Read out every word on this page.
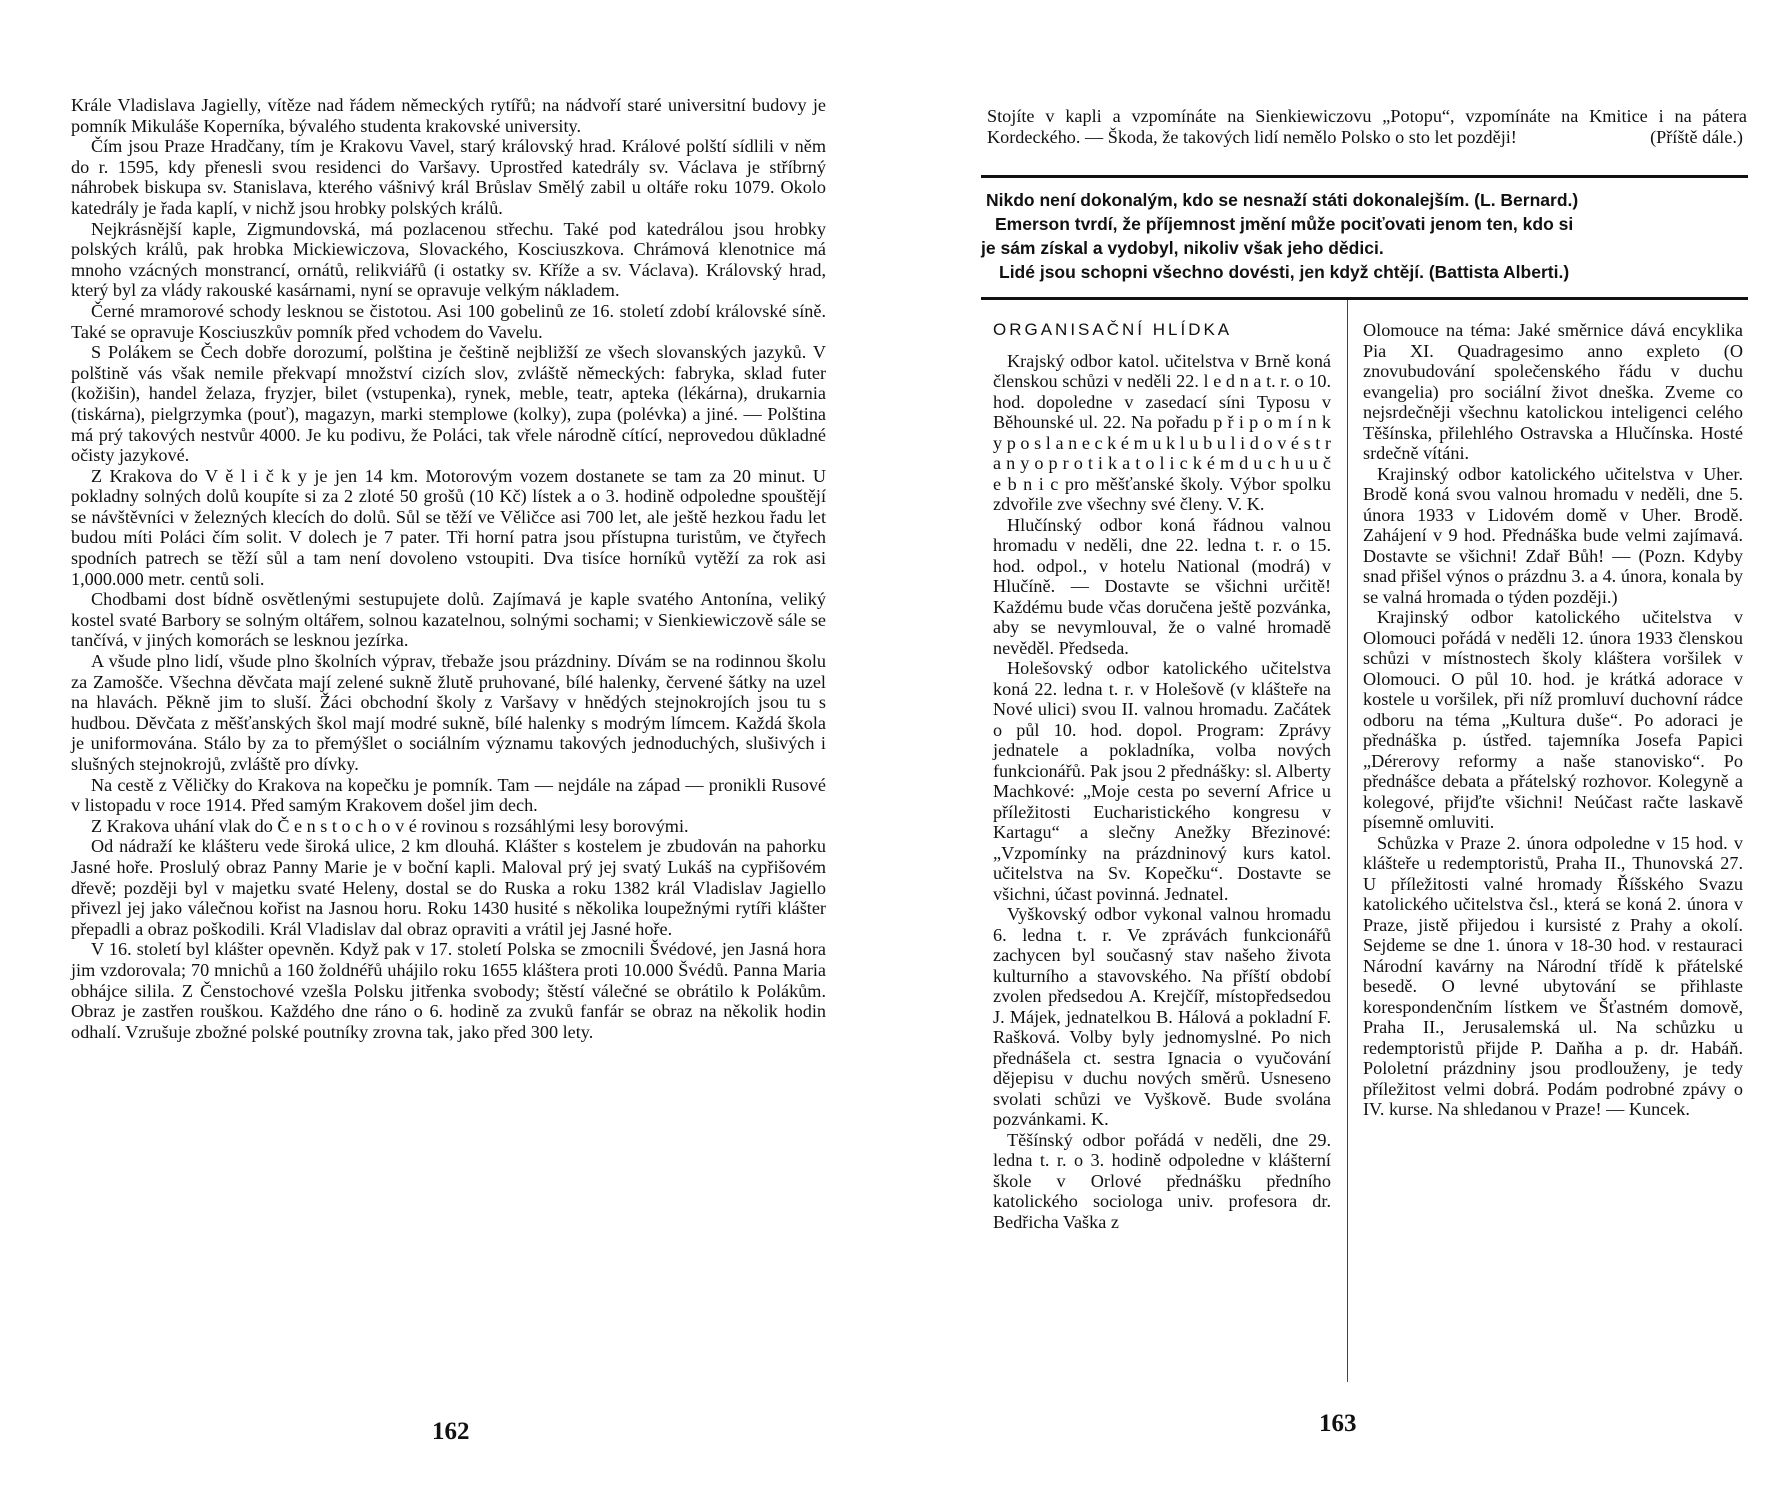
Krále Vladislava Jagielly, vítěze nad řádem německých rytířů; na nádvoří staré universitní budovy je pomník Mikuláše Koperníka, bývalého studenta krakovské university.

Čím jsou Praze Hradčany, tím je Krakovu Vavel, starý královský hrad. Králové polští sídlili v něm do r. 1595, kdy přenesli svou residenci do Varšavy. Uprostřed katedrály sv. Václava je stříbrný náhrobek biskupa sv. Stanislava, kterého vášnivý král Brůslav Smělý zabil u oltáře roku 1079. Okolo katedrály je řada kaplí, v nichž jsou hrobky polských králů.

Nejkrásnější kaple, Zigmundovská, má pozlacenou střechu. Také pod katedrálou jsou hrobky polských králů, pak hrobka Mickiewiczova, Slovackého, Kosciuszkova. Chrámová klenotnice má mnoho vzácných monstrancí, ornátů, relikviářů (i ostatky sv. Kříže a sv. Václava). Královský hrad, který byl za vlády rakouské kasárnami, nyní se opravuje velkým nákladem.

Černé mramorové schody lesknou se čistotou. Asi 100 gobelinů ze 16. století zdobí královské síně. Také se opravuje Kosciuszkův pomník před vchodem do Vavelu.

S Polákem se Čech dobře dorozumí, polština je češtině nejbližší ze všech slovanských jazyků. V polštině vás však nemile překvapí množství cizích slov, zvláště německých: fabryka, sklad futer (kožišin), handel želaza, fryzjer, bilet (vstupenka), rynek, meble, teatr, apteka (lékárna), drukarnia (tiskárna), pielgrzymka (pouť), magazyn, marki stemplowe (kolky), zupa (polévka) a jiné. — Polština má prý takových nestvůr 4000. Je ku podivu, že Poláci, tak vřele národně cítící, neprovedou důkladné očisty jazykové.

Z Krakova do V ě l i č k y je jen 14 km. Motorovým vozem dostanete se tam za 20 minut. U pokladny solných dolů koupíte si za 2 zloté 50 grošů (10 Kč) lístek a o 3. hodině odpoledne spouštějí se návštěvníci v železných klecích do dolů. Sůl se těží ve Věličce asi 700 let, ale ještě hezkou řadu let budou míti Poláci čím solit. V dolech je 7 pater. Tři horní patra jsou přístupna turistům, ve čtyřech spodních patrech se těží sůl a tam není dovoleno vstoupiti. Dva tisíce horníků vytěží za rok asi 1,000.000 metr. centů soli.

Chodbami dost bídně osvětlenými sestupujete dolů. Zajímavá je kaple svatého Antonína, veliký kostel svaté Barbory se solným oltářem, solnou kazatelnou, solnými sochami; v Sienkiewiczově sále se tančívá, v jiných komorách se lesknou jezírka.

A všude plno lidí, všude plno školních výprav, třebaže jsou prázdniny. Dívám se na rodinnou školu za Zamošče. Všechna děvčata mají zelené sukně žlutě pruhované, bílé halenky, červené šátky na uzel na hlavách. Pěkně jim to sluší. Žáci obchodní školy z Varšavy v hnědých stejnokrojích jsou tu s hudbou. Děvčata z měšťanských škol mají modré sukně, bílé halenky s modrým límcem. Každá škola je uniformována. Stálo by za to přemýšlet o sociálním významu takových jednoduchých, slušivých i slušných stejnokrojů, zvláště pro dívky.

Na cestě z Věličky do Krakova na kopečku je pomník. Tam — nejdále na západ — pronikli Rusové v listopadu v roce 1914. Před samým Krakovem došel jim dech.

Z Krakova uhání vlak do Č e n s t o c h o v é rovinou s rozsáhlými lesy borovými.

Od nádraží ke klášteru vede široká ulice, 2 km dlouhá. Klášter s kostelem je zbudován na pahorku Jasné hoře. Proslulý obraz Panny Marie je v boční kapli. Maloval prý jej svatý Lukáš na cypřišovém dřevě; později byl v majetku svaté Heleny, dostal se do Ruska a roku 1382 král Vladislav Jagiello přivezl jej jako válečnou kořist na Jasnou horu. Roku 1430 husité s několika loupežnými rytíři klášter přepadli a obraz poškodili. Král Vladislav dal obraz opraviti a vrátil jej Jasné hoře.

V 16. století byl klášter opevněn. Když pak v 17. století Polska se zmocnili Švédové, jen Jasná hora jim vzdorovala; 70 mnichů a 160 žoldnéřů uhájilo roku 1655 kláštera proti 10.000 Švédů. Panna Maria obhájce silila. Z Čenstochové vzešla Polsku jitřenka svobody; štěstí válečné se obrátilo k Polákům. Obraz je zastřen rouškou. Každého dne ráno o 6. hodině za zvuků fanfár se obraz na několik hodin odhalí. Vzrušuje zbožné polské poutníky zrovna tak, jako před 300 lety.

162

Stojíte v kapli a vzpomínáte na Sienkiewiczovu „Potopu“, vzpomínáte na Kmitice i na pátera Kordeckého. — Škoda, že takových lidí nemělo Polsko o sto let později!	(Příště dále.)

Nikdo není dokonalým, kdo se nesnaží státi dokonalejším. (L. Bernard.)

Emerson tvrdí, že příjemnost jmění může pociťovati jenom ten, kdo si

je sám získal a vydobyl, nikoliv však jeho dědici.

Lidé jsou schopni všechno dovésti, jen když chtějí. (Battista Alberti.)

ORGANISAČNÍ HLÍDKA

Krajský odbor katol. učitelstva v Brně koná členskou schůzi v neděli 22. l e d n a t. r. o 10. hod. dopoledne v zasedací síni Typosu v Běhounské ul. 22. Na pořadu p ř i p o m í n k y p o s l a n e c k é m u k l u b u l i d o v é s t r a n y o p r o t i k a t o l i c k é m d u c h u u č e b n i c pro měšťanské školy. Výbor spolku zdvořile zve všechny své členy. V. K.

Hlučínský odbor koná řádnou valnou hromadu v neděli, dne 22. ledna t. r. o 15. hod. odpol., v hotelu National (modrá) v Hlučíně. — Dostavte se všichni určitě! Každému bude včas doručena ještě pozvánka, aby se nevymlouval, že o valné hromadě nevěděl. Předseda.

Holešovský odbor katolického učitelstva koná 22. ledna t. r. v Holešově (v klášteře na Nové ulici) svou II. valnou hromadu. Začátek o půl 10. hod. dopol. Program: Zprávy jednatele a pokladníka, volba nových funkcionářů. Pak jsou 2 přednášky: sl. Alberty Machkové: „Moje cesta po severní Africe u příležitosti Eucharistického kongresu v Kartagu“ a slečny Anežky Březinové: „Vzpomínky na prázdninový kurs katol. učitelstva na Sv. Kopečku“. Dostavte se všichni, účast povinná. Jednatel.

Vyškovský odbor vykonal valnou hromadu 6. ledna t. r. Ve zprávách funkcionářů zachycen byl současný stav našeho života kulturního a stavovského. Na příští období zvolen předsedou A. Krejčíř, místopředsedou J. Májek, jednatelkou B. Hálová a pokladní F. Rašková. Volby byly jednomyslné. Po nich přednášela ct. sestra Ignacia o vyučování dějepisu v duchu nových směrů. Usneseno svolati schůzi ve Vyškově. Bude svolána pozvánkami. K.

Těšínský odbor pořádá v neděli, dne 29. ledna t. r. o 3. hodině odpoledne v klášterní škole v Orlové přednášku předního katolického sociologa univ. profesora dr. Bedřicha Vaška z

Olomouce na téma: Jaké směrnice dává encyklika Pia XI. Quadragesimo anno expleto (O znovubudování společenského řádu v duchu evangelia) pro sociální život dneška. Zveme co nejsrdečněji všechnu katolickou inteligenci celého Těšínska, přilehlého Ostravska a Hlučínska. Hosté srdečně vítáni.

Krajinský odbor katolického učitelstva v Uher. Brodě koná svou valnou hromadu v neděli, dne 5. února 1933 v Lidovém domě v Uher. Brodě. Zahájení v 9 hod. Přednáška bude velmi zajímavá. Dostavte se všichni! Zdař Bůh! — (Pozn. Kdyby snad přišel výnos o prázdnu 3. a 4. února, konala by se valná hromada o týden později.)

Krajinský odbor katolického učitelstva v Olomouci pořádá v neděli 12. února 1933 členskou schůzi v místnostech školy kláštera voršilek v Olomouci. O půl 10. hod. je krátká adorace v kostele u voršilek, při níž promluví duchovní rádce odboru na téma „Kultura duše“. Po adoraci je přednáška p. ústřed. tajemníka Josefa Papici „Dérerovy reformy a naše stanovisko“. Po přednášce debata a přátelský rozhovor. Kolegyně a kolegové, přijďte všichni! Neúčast račte laskavě písemně omluviti.

Schůzka v Praze 2. února odpoledne v 15 hod. v klášteře u redemptoristů, Praha II., Thunovská 27. U příležitosti valné hromady Říšského Svazu katolického učitelstva čsl., která se koná 2. února v Praze, jistě přijedou i kursisté z Prahy a okolí. Sejdeme se dne 1. února v 18-30 hod. v restauraci Národní kavárny na Národní třídě k přátelské besedě. O levné ubytování se přihlaste korespondenčním lístkem ve Šťastném domově, Praha II., Jerusalemská ul. Na schůzku u redemptoristů přijde P. Daňha a p. dr. Habáň. Pololetní prázdniny jsou prodlouženy, je tedy příležitost velmi dobrá. Podám podrobné zpávy o IV. kurse. Na shledanou v Praze! — Kuncek.

163
